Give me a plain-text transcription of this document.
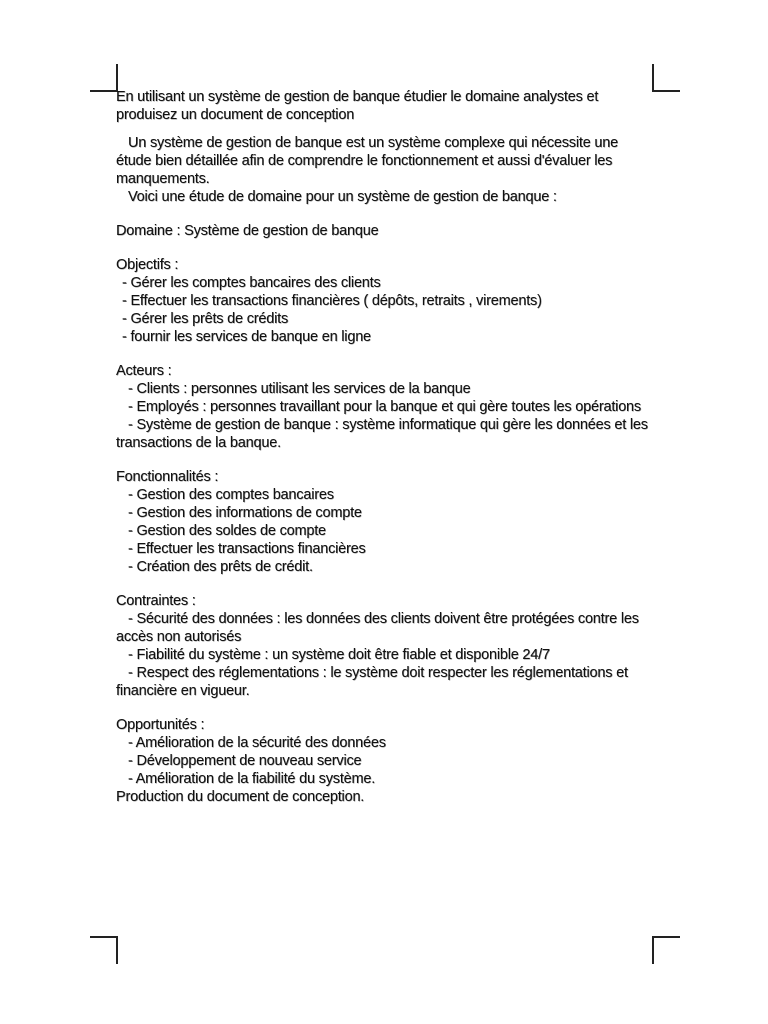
En utilisant un système de gestion de banque étudier le domaine analystes et produisez un document de conception

Un système de gestion de banque est un système complexe qui nécessite une étude bien détaillée afin de comprendre le fonctionnement et aussi d'évaluer les manquements.

Voici une étude de domaine pour un système de gestion de banque :

Domaine : Système de gestion de banque

Objectifs :

- Gérer les comptes bancaires des clients
- Effectuer les transactions financières ( dépôts, retraits , virements)
- Gérer les prêts de crédits
- fournir les services de banque en ligne

Acteurs :

- Clients : personnes utilisant les services de la banque
- Employés : personnes travaillant pour la banque et qui gère toutes les opérations
- Système de gestion de banque : système informatique qui gère les données et les transactions de la banque.

Fonctionnalités :

- Gestion des comptes bancaires
- Gestion des informations de compte
- Gestion des soldes de compte
- Effectuer les transactions financières
- Création des prêts de crédit.

Contraintes :

- Sécurité des données : les données des clients doivent être protégées contre les accès non autorisés
- Fiabilité du système : un système doit être fiable et disponible 24/7
- Respect des réglementations : le système doit respecter les réglementations et financière en vigueur.

Opportunités :

- Amélioration de la sécurité des données
- Développement de nouveau service
- Amélioration de la fiabilité du système.

Production du document de conception.
